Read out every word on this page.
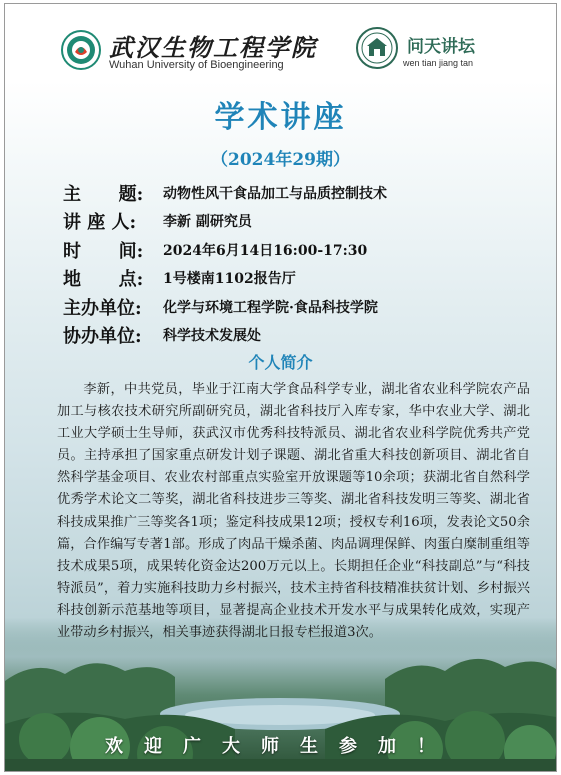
武汉生物工程学院
Wuhan University of Bioengineering
问天讲坛
wen tian jiang tan
学术讲座
（2024年29期）
主      题:	动物性风干食品加工与品质控制技术
讲 座 人:	李新 副研究员
时      间:	2024年6月14日16:00-17:30
地      点:	1号楼南1102报告厅
主办单位:	化学与环境工程学院·食品科技学院
协办单位:	科学技术发展处
个人简介
李新，中共党员，毕业于江南大学食品科学专业，湖北省农业科学院农产品加工与核农技术研究所副研究员，湖北省科技厅入库专家，华中农业大学、湖北工业大学硕士生导师，获武汉市优秀科技特派员、湖北省农业科学院优秀共产党员。主持承担了国家重点研发计划子课题、湖北省重大科技创新项目、湖北省自然科学基金项目、农业农村部重点实验室开放课题等10余项；获湖北省自然科学优秀学术论文二等奖，湖北省科技进步三等奖、湖北省科技发明三等奖、湖北省科技成果推广三等奖各1项；鉴定科技成果12项；授权专利16项，发表论文50余篇，合作编写专著1部。形成了肉品干燥杀菌、肉品调理保鲜、肉蛋白糜制重组等技术成果5项，成果转化资金达200万元以上。长期担任企业“科技副总”与“科技特派员”，着力实施科技助力乡村振兴，技术主持省科技精准扶贫计划、乡村振兴科技创新示范基地等项目，显著提高企业技术开发水平与成果转化成效，实现产业带动乡村振兴，相关事迹获得湖北日报专栏报道3次。
欢迎广大师生参加！
